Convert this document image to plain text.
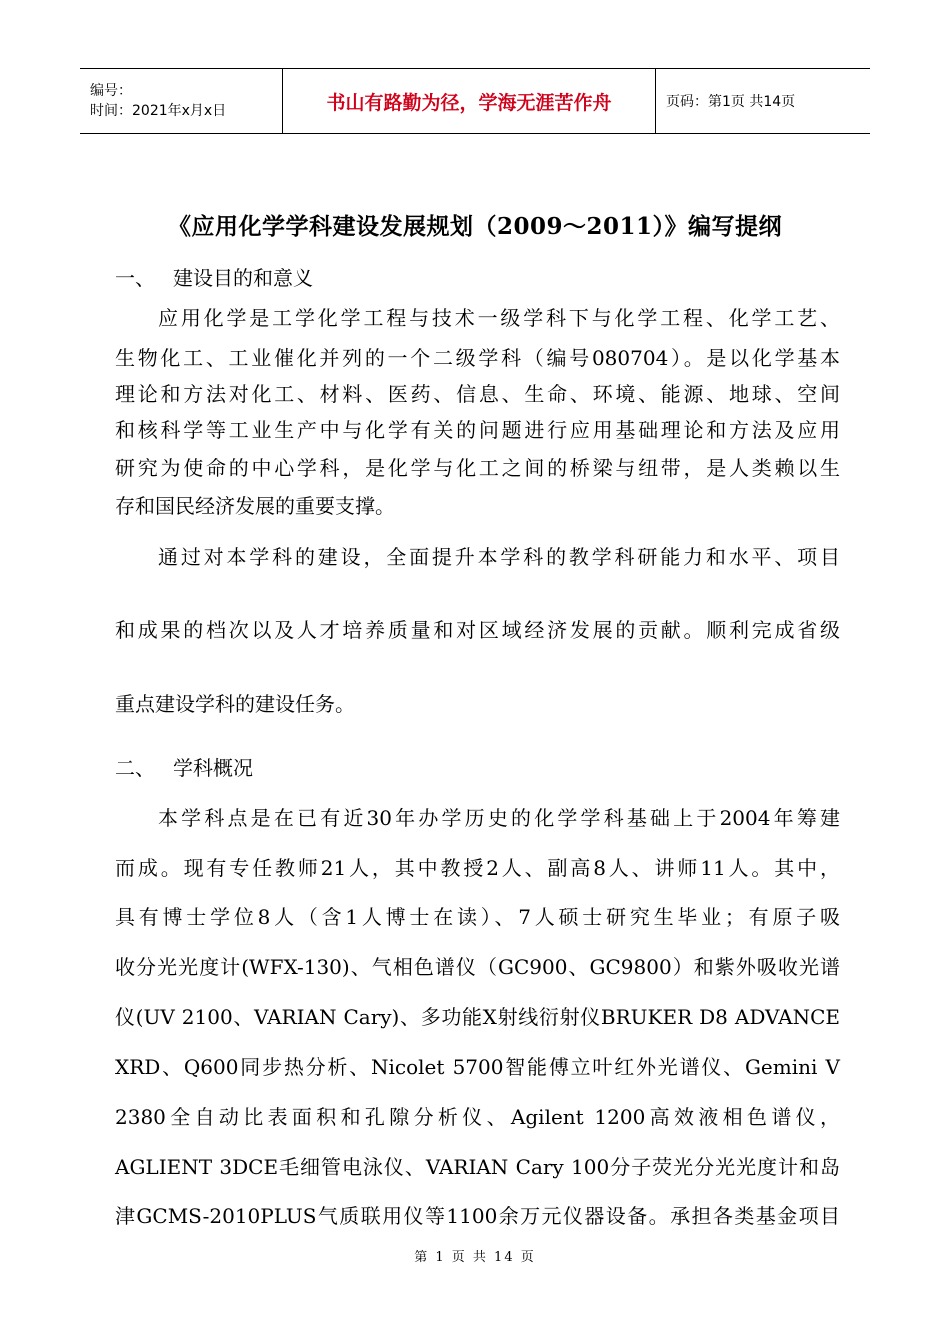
编号：
时间：2021年x月x日	书山有路勤为径，学海无涯苦作舟	页码：第1页 共14页
《应用化学学科建设发展规划（2009～2011）》编写提纲
一、 建设目的和意义
应用化学是工学化学工程与技术一级学科下与化学工程、化学工艺、
生物化工、工业催化并列的一个二级学科（编号080704）。是以化学基本
理论和方法对化工、材料、医药、信息、生命、环境、能源、地球、空间
和核科学等工业生产中与化学有关的问题进行应用基础理论和方法及应用
研究为使命的中心学科，是化学与化工之间的桥梁与纽带，是人类赖以生
存和国民经济发展的重要支撑。
通过对本学科的建设，全面提升本学科的教学科研能力和水平、项目
和成果的档次以及人才培养质量和对区域经济发展的贡献。顺利完成省级
重点建设学科的建设任务。
二、 学科概况
本学科点是在已有近30年办学历史的化学学科基础上于2004年筹建
而成。现有专任教师21人，其中教授2人、副高8人、讲师11人。其中，
具有博士学位8人（含1人博士在读）、7人硕士研究生毕业；有原子吸
收分光光度计(WFX-130)、气相色谱仪（GC900、GC9800）和紫外吸收光谱
仪(UV 2100、VARIAN Cary)、多功能X射线衍射仪BRUKER D8 ADVANCE
XRD、Q600同步热分析、Nicolet 5700智能傅立叶红外光谱仪、Gemini V
2380全自动比表面积和孔隙分析仪、Agilent 1200高效液相色谱仪，
AGLIENT 3DCE毛细管电泳仪、VARIAN Cary 100分子荧光分光光度计和岛
津GCMS-2010PLUS气质联用仪等1100余万元仪器设备。承担各类基金项目
第 1 页 共 14 页
